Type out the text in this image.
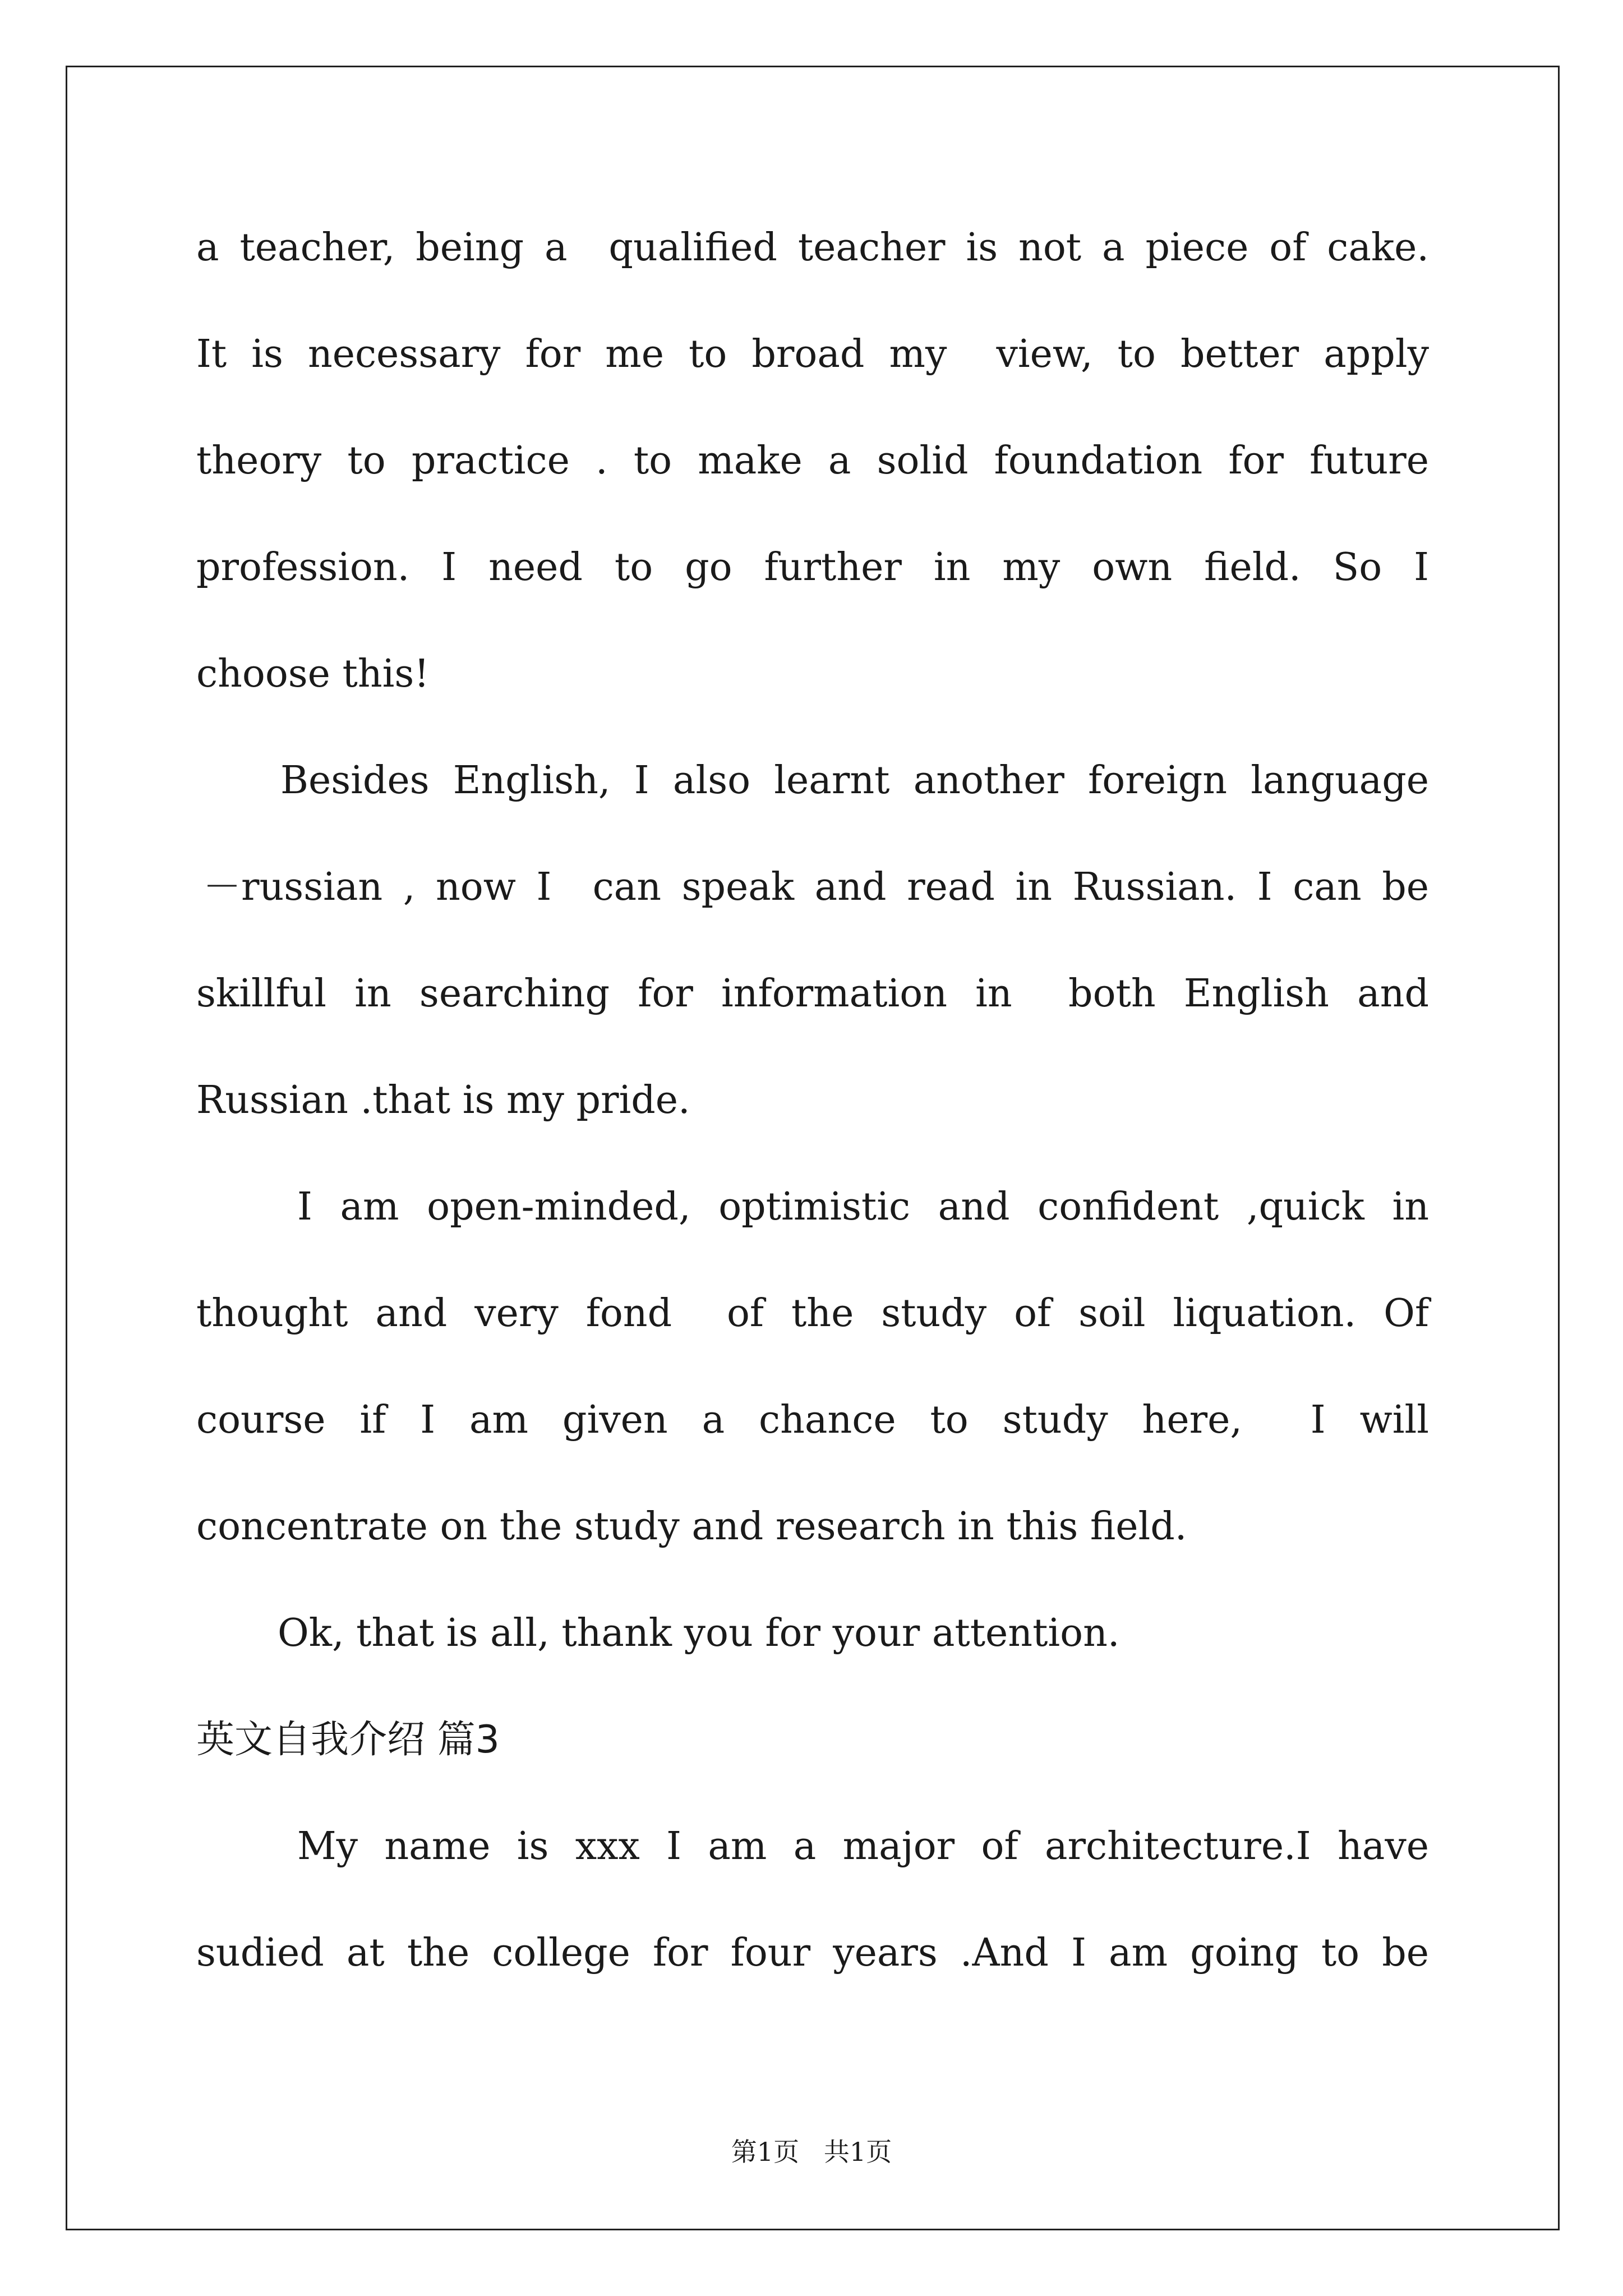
a teacher, being a  qualified teacher is not a piece of cake.

It is necessary for me to broad my  view, to better apply

theory to practice . to make a solid foundation for future

profession. I need to go further in my own field. So I

choose this!

Besides English, I also learnt another foreign language

－russian , now I  can speak and read in Russian. I can be

skillful in searching for information in  both English and

Russian .that is my pride.

I am open-minded, optimistic and confident ,quick in

thought and very fond  of the study of soil liquation. Of

course if I am given a chance to study here,  I will

concentrate on the study and research in this field.

Ok, that is all, thank you for your attention.

英文自我介绍 篇3

My name is xxx I am a major of architecture.I have

sudied at the college for four years .And I am going to be

第1页   共1页
